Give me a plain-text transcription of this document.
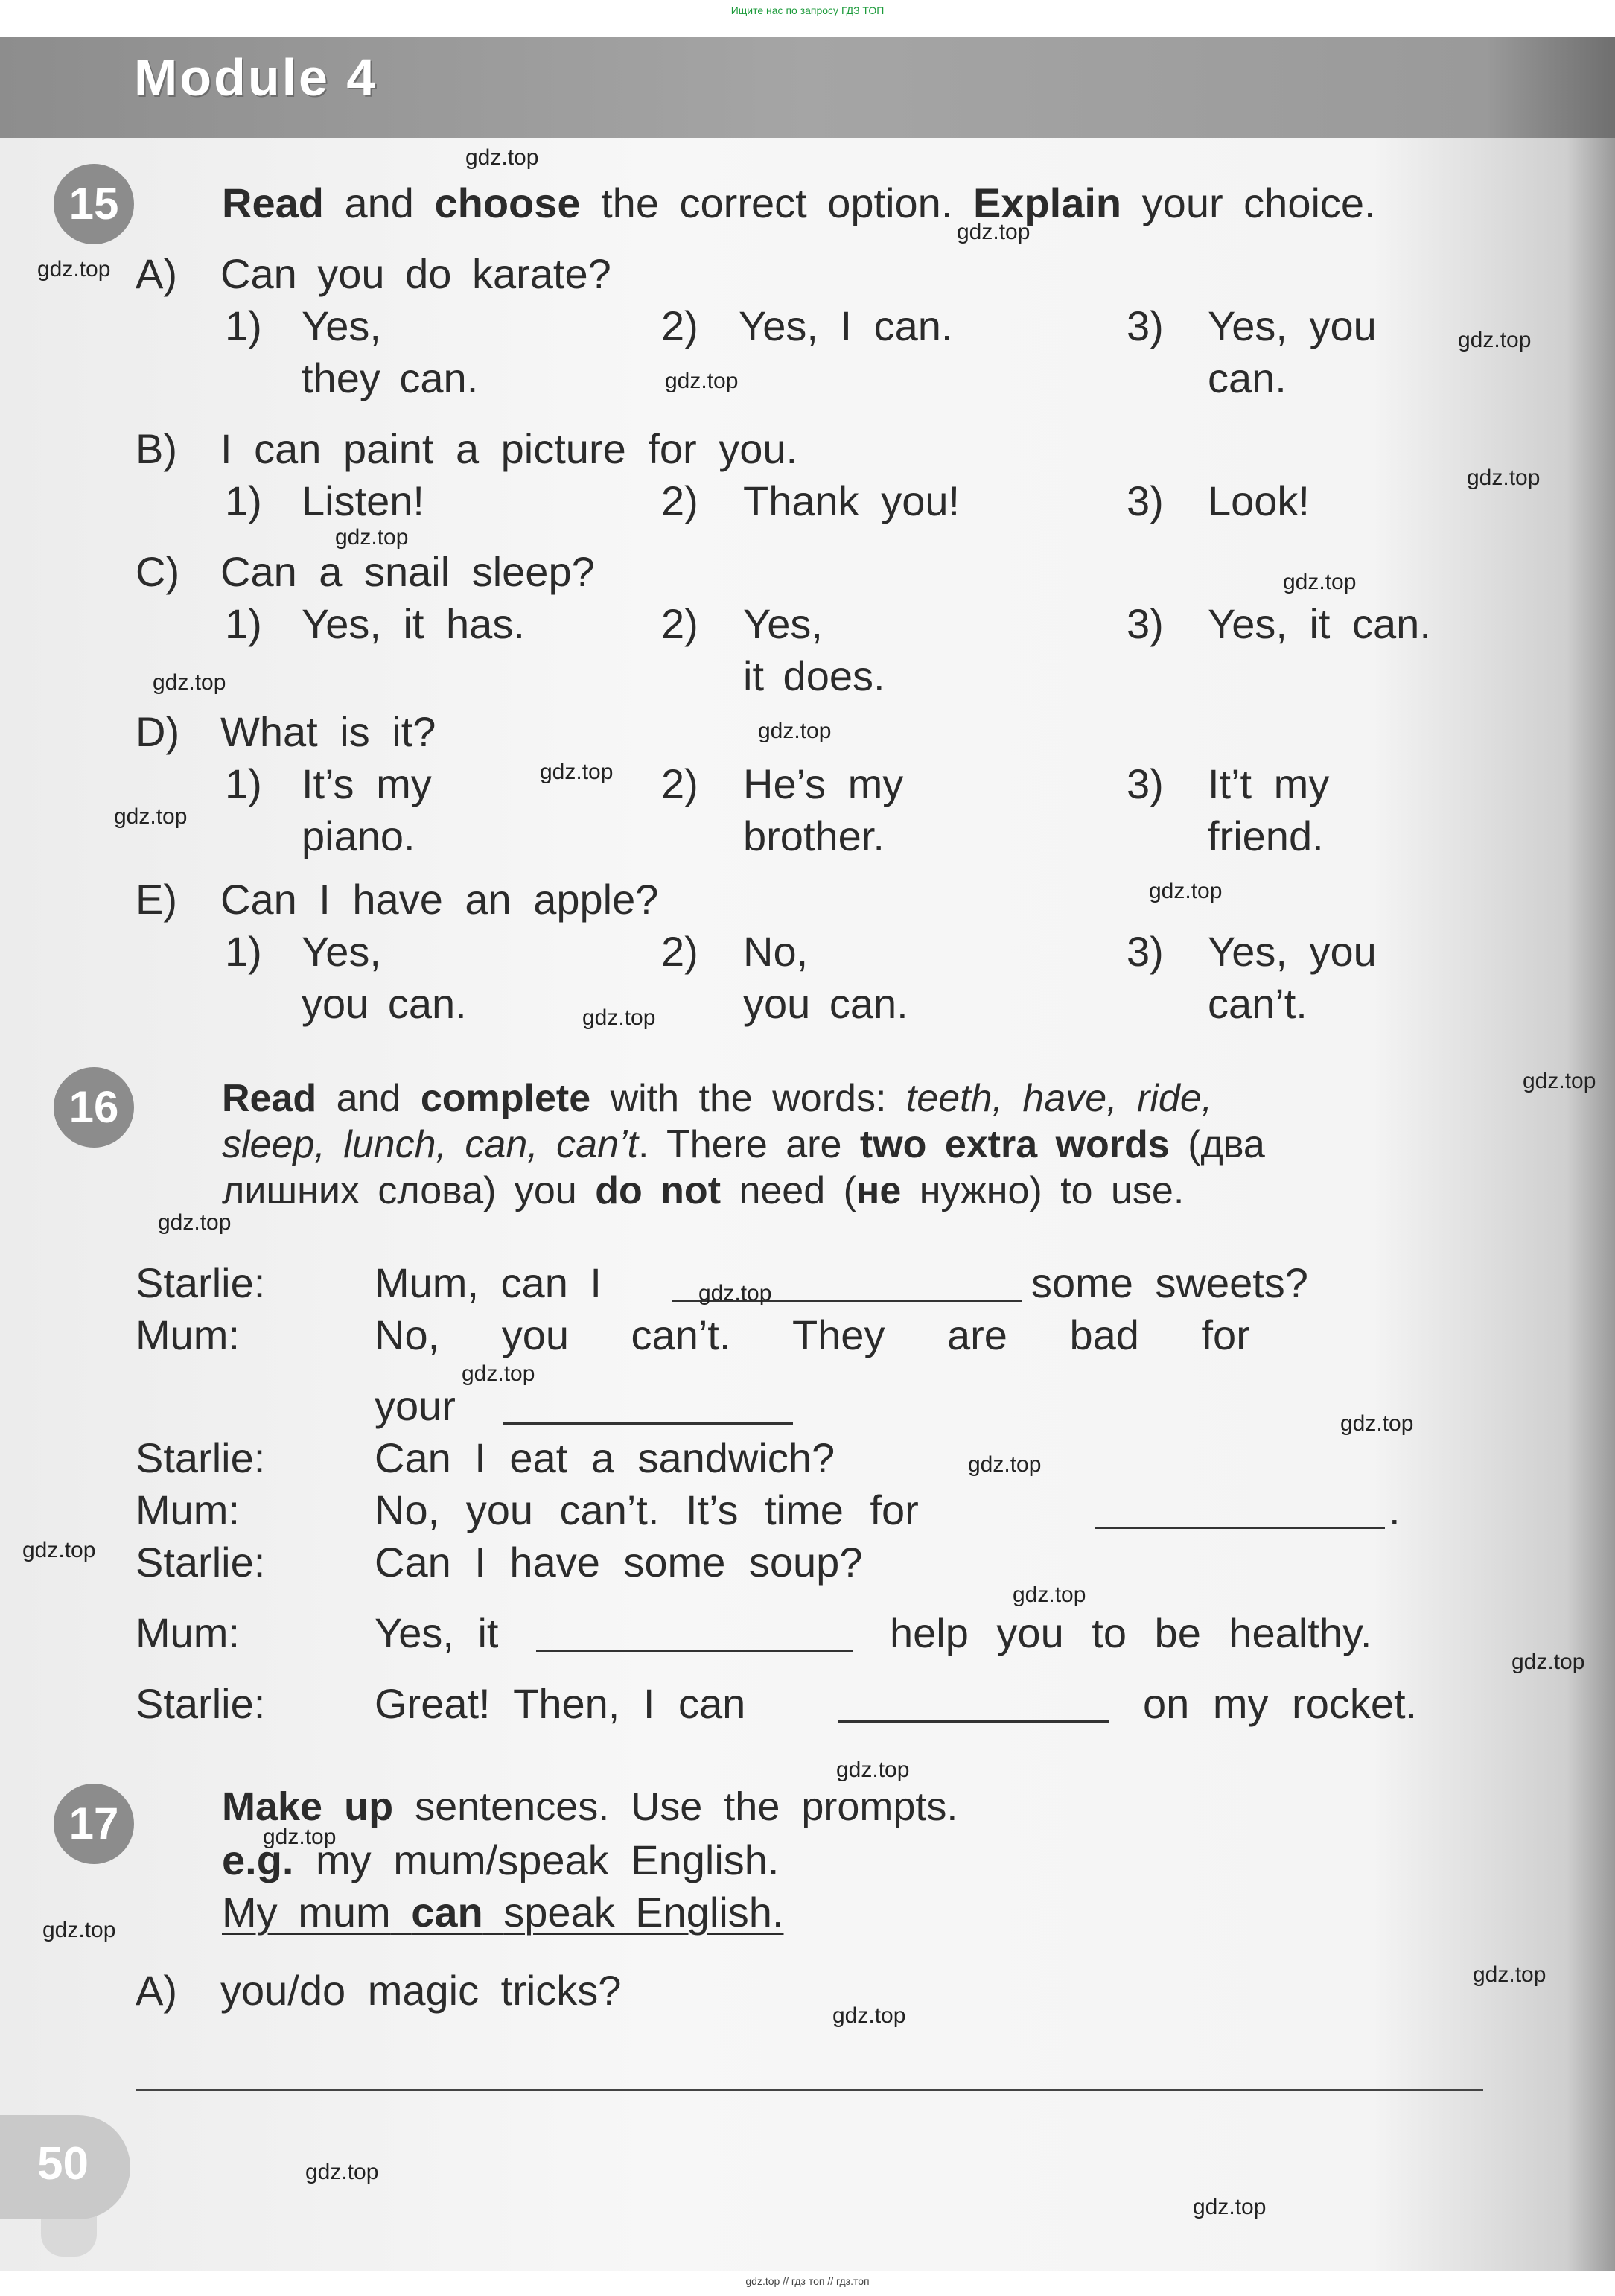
Ищите нас по запросу ГДЗ ТОП
Module 4
15	Read and choose the correct option. Explain your choice.
A) Can you do karate?
1) Yes,
they can.
2) Yes, I can.	3) Yes, you
can.
B) I can paint a picture for you.
1) Listen!	2) Thank you!	3) Look!
C) Can a snail sleep?
1) Yes, it has.	2) Yes,
it does.
3) Yes, it can.
D) What is it?
1) It’s my
piano.
2) He’s my
brother.
3) It’t my
friend.
E) Can I have an apple?
1) Yes,
you can.
2) No,
you can.
3) Yes, you
can’t.
16	Read and complete with the words: teeth, have, ride,
sleep, lunch, can, can’t. There are two extra words (два
лишних слова) you do not need (не нужно) to use.
Starlie:	Mum, can I	some sweets?
Mum:	No, you can’t. They are bad for
your
Starlie:	Can I eat a sandwich?
Mum:	No, you can’t. It’s time for	.
Starlie:	Can I have some soup?
Mum:	Yes, it	help you to be healthy.
Starlie:	Great! Then, I can	on my rocket.
17	Make up sentences. Use the prompts.
e.g. my mum/speak English.
My mum can speak English.
A) you/do magic tricks?
50
gdz.top
gdz.top
gdz.top
gdz.top
gdz.top
gdz.top
gdz.top
gdz.top
gdz.top
gdz.top
gdz.top
gdz.top
gdz.top
gdz.top
gdz.top
gdz.top
gdz.top
gdz.top
gdz.top
gdz.top
gdz.top
gdz.top
gdz.top
gdz.top
gdz.top
gdz.top
gdz.top
gdz.top
gdz.top
gdz.top
gdz.top // гдз топ // гдз.топ
